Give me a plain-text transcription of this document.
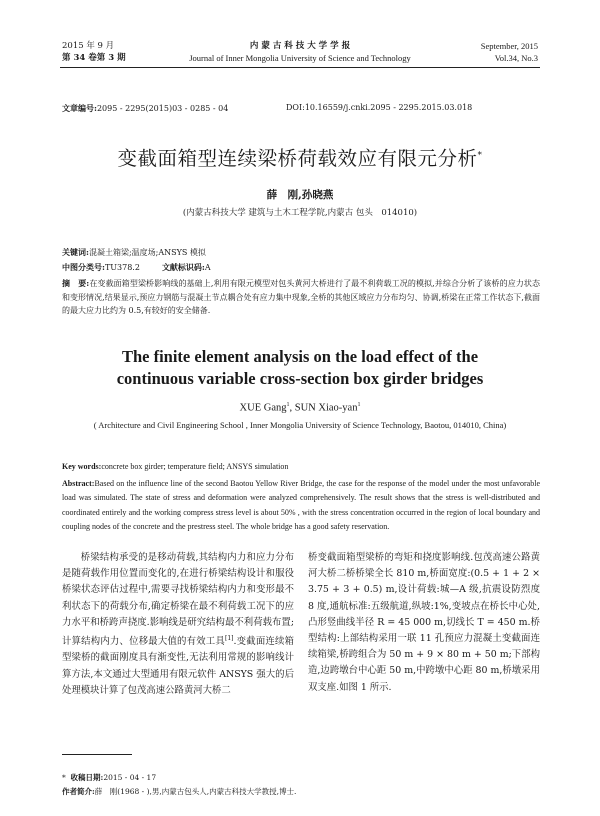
2015 年 9 月
第 34 卷第 3 期
内 蒙 古 科 技 大 学 学 报
Journal of Inner Mongolia University of Science and Technology
September, 2015
Vol.34, No.3
文章编号:2095 - 2295(2015)03 - 0285 - 04	DOI:10.16559/j.cnki.2095 - 2295.2015.03.018
变截面箱型连续梁桥荷载效应有限元分析*
薛　刚,孙晓燕
(内蒙古科技大学 建筑与土木工程学院,内蒙古 包头　014010)
关键词:混凝土箱梁;温度场;ANSYS 模拟
中图分类号:TU378.2	文献标识码:A
摘　要:在变截面箱型梁桥影响线的基础上,利用有限元模型对包头黄河大桥进行了最不利荷载工况的模拟,并综合分析了该桥的应力状态和变形情况,结果显示,预应力钢筋与混凝土节点耦合处有应力集中现象,全桥的其他区域应力分布均匀、协调,桥梁在正常工作状态下,截面的最大应力比约为 0.5,有较好的安全储备.
The finite element analysis on the load effect of the
continuous variable cross-section box girder bridges
XUE Gang$^1$, SUN Xiao-yan$^1$
( Architecture and Civil Engineering School , Inner Mongolia University of Science Technology, Baotou, 014010, China)
Key words:concrete box girder; temperature field; ANSYS simulation
Abstract:Based on the influence line of the second Baotou Yellow River Bridge, the case for the response of the model under the most unfavorable load was simulated. The state of stress and deformation were analyzed comprehensively. The result shows that the stress is well-distributed and coordinated entirely and the working compress stress level is about 50% , with the stress concentration occurred in the region of local boundary and coupling nodes of the concrete and the prestress steel. The whole bridge has a good safety reservation.
桥梁结构承受的是移动荷载,其结构内力和应力分布是随荷载作用位置而变化的,在进行桥梁结构设计和服役桥梁状态评估过程中,需要寻找桥梁结构内力和变形最不利状态下的荷载分布,确定桥梁在最不利荷载工况下的应力水平和桥跨声挠度.影响线是研究结构最不利荷载布置;计算结构内力、位移最大值的有效工具[1].变截面连续箱型梁桥的截面刚度具有渐变性,无法利用常规的影响线计算方法,本文通过大型通用有限元软件 ANSYS 强大的后处理模块计算了包茂高速公路黄河大桥二
桥变截面箱型梁桥的弯矩和挠度影响线.包茂高速公路黄河大桥二桥桥梁全长 810 m,桥面宽度:(0.5 + 1 + 2 × 3.75 + 3 + 0.5) m,设计荷载:城—A 级,抗震设防烈度 8 度,通航标准:五级航道,纵坡:1%,变坡点在桥长中心处,凸形竖曲线半径 R = 45 000 m,切线长 T = 450 m.桥型结构:上部结构采用一联 11 孔预应力混凝土变截面连续箱梁,桥跨组合为 50 m + 9 × 80 m + 50 m;下部构造,边跨墩台中心距 50 m,中跨墩中心距 80 m,桥墩采用双支座.如图 1 所示.
* 收稿日期:2015 - 04 - 17
作者简介:薛　刚(1968 - ),男,内蒙古包头人,内蒙古科技大学教授,博士.
